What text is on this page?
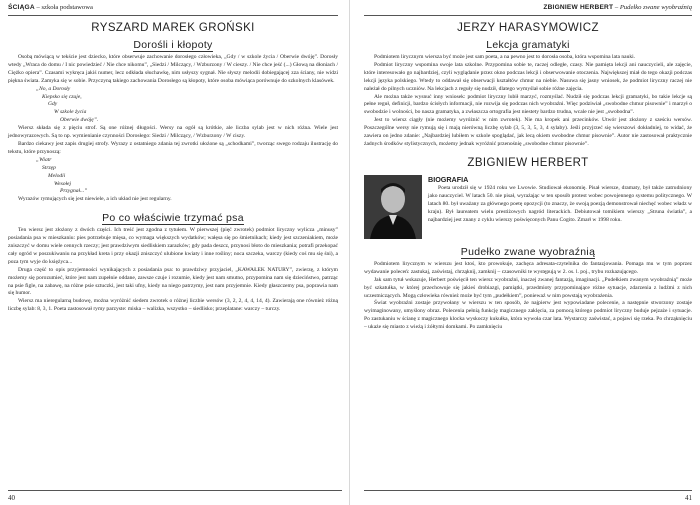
ŚCIĄGA – szkoła podstawowa
RYSZARD MAREK GROŃSKI
Dorośli i kłopoty

Osobą mówiącą w tekście jest dziecko, które obserwuje zachowanie dorosłego człowieka, „Gdy / w szkole życia / Oberwie dwóję”. Dorosły wtedy „Wraca do domu / I nic powiedzieć / Nie chce nikomu”, „Siedzi / Milczący, / Wzburzony / W cieszy. / Nie chce jeść (...) Głową na dłoniach / Ciężko opiera”. Czasami wykręca jakiś numer, lecz odkłada słuchawkę, nim usłyszy sygnał. Nie słyszy melodii dobiegającej zza ściany, nie widzi piękna świata. Zamyka się w sobie. Przyczyną takiego zachowania Dorosłego są kłopoty, które osoba mówiąca porównuje do szkolnych klasówek.

„No, a Dorosły
Kiepsko się czuje,
Gdy
W szkole życia
Oberwie dwóję”.

Wiersz składa się z pięciu strof. Są one różnej długości. Wersy na ogół są krótkie, ale liczba sylab jest w nich różna. Wiele jest jednowyrazowych. Są to np. wymienianie czynności Dorosłego: Siedzi / Milczący, / Wzburzony / W ciszy.

Bardzo ciekawy jest zapis drugiej strofy. Wyrazy z ostatniego zdania tej zwrotki ułożone są „schodkami”, tworząc swego rodzaju ilustrację do tekstu, które przynoszą:

„Wiatr
Strzęp
Melodii
Wesołej
Przygnał...”

Wyrazów rymujących się jest niewiele, a ich układ nie jest regularny.

Po co właściwie trzymać psa

Ten wiersz jest złożony z dwóch części. Ich treść jest zgodna z tytułem. W pierwszej (pięć zwrotek) podmiot liryczny wylicza „minusy” posiadania psa w mieszkaniu: pies potrzebuje mięsa, co wymaga większych wydatków; wałęsa się po śmietnikach; kiedy jest szczeniakiem, może zniszczyć w domu wiele cennych rzeczy; jest prawdziwym siedliskiem zarazków; gdy pada deszcz, przynosi błoto do mieszkania; potrafi przekopać cały ogród w poszukiwaniu na przykład kreta i przy okazji zniszczyć ulubione kwiaty i inne rośliny; noca szczeka, warczy (kiedy coś mu się śni), a poza tym wyje do księżyca...

Druga część to opis przyjemności wynikających z posiadania psa: to prawdziwy przyjaciel, „KAWAŁEK NATURY”, zwierzę, z którym możemy się porozumieć, które jest nam zupełnie oddane, zawsze czuje i rozumie, kiedy jest nam smutno, przypomina nam się dzieciństwo, patrząc na psie figle, na zabawę, na różne psie sztuczki, jest taki ufny, kiedy na niego patrzymy, jest nam przyjemnie. Kiedy głaszczemy psa, poprawia nam się humor.

Wiersz ma nieregularną budowę, można wyróżnić siedem zwrotek o różnej liczbie wersów (3, 2, 2, 4, 4, 14, 4). Zawierają one również różną liczbę sylab: 8, 3, 1. Poeta zastosował rymy parzyste: miska – walizka, wszystko – siedlisko; przeplatane: warczy – turczy.

40
ZBIGNIEW HERBERT – Pudełko zwane wyobraźnią
JERZY HARASYMOWICZ
Lekcja gramatyki

Podmiotem lirycznym wiersza być może jest sam poeta, a na pewno jest to dorosła osoba, która wspomina lata nauki.

Podmiot liryczny wspomina swoje lata szkolne. Przypomina sobie te, raczej odległe, czasy. Nie pamięta lekcji ani nauczycieli, ale zajęcie, które interesowało go najbardziej, czyli wyglądanie przez okno podczas lekcji i obserwowanie otoczenia. Największej miał do tego okazji podczas lekcji języka polskiego. Wtedy to oddawał się obserwacji kształtów chmur na niebie. Nasuwa się jasny wniosek, że podmiot liryczny raczej nie należał do pilnych uczniów. Na lekcjach z reguły się nudził, dlatego wymyślał sobie różne zajęcia.

Ale można także wysnuć inny wniosek: podmiot liryczny lubił marzyć, rozmyślać. Nudził się podczas lekcji gramatyki, bo takie lekcje są pełne reguł, definicji, bardzo ścisłych informacji, nie rozwija się podczas nich wyobraźni. Więc podziwiał „swobodne chmur pisownie” i marzył o swobodzie i wolności, bo nasza gramatyka, a zwłaszcza ortografia jest niestety bardzo trudna, wcale nie jest „swobodna”.

Jest to wiersz ciągły (nie możemy wyróżnić w nim zwrotek). Nie ma kropek ani przecinków. Utwór jest złożony z sześciu wersów. Poszczególne wersy nie rymują się i mają nierówną liczbę sylab (3, 5, 3, 5, 3, 4 sylaby). Jeśli przyjrzeć się wierszowi dokładniej, to widać, że zawiera on jedno zdanie: „Najbardziej lubiłem w szkole spoglądać, jak lecą okiem swobodne chmur pisownie”. Autor nie zastosował praktycznie żadnych środków stylistycznych, możemy jednak wyróżnić przenośnię „swobodne chmur pisownie”.

ZBIGNIEW HERBERT
BIOGRAFIA

Poeta urodził się w 1924 roku we Lwowie. Studiował ekonomię. Pisał wiersze, dramaty, był także zatrudniony jako nauczyciel. W latach 50. nie pisał, wyrażając w ten sposób protest wobec powojennego systemu politycznego. W latach 80. był uważany za głównego poetę opozycji (to znaczy, że swoją poezją demonstrował niechęć wobec władz w kraju). Był laureatem wielu prestiżowych nagród literackich. Debiutował tomikiem wierszy „Struna światła”, a najbardziej jest znany z cyklu wierszy poświęconych Panu Cogito. Zmarł w 1998 roku.

Pudełko zwane wyobraźnią

Podmiotem lirycznym w wierszu jest ktoś, kto prowokuje, zachęca adresata-czytelnika do fantazjowania. Pomaga mu w tym poprzez wydawanie poleceń: zastukaj, zaświstaj, chrząknij, zamknij – czasowniki te występują w 2. os. l. poj., trybu rozkazującego.

Jak sam tytuł wskazuje, Herbert poświęcił ten wiersz wyobraźni, inaczej zwanej fantazją, imaginacji. „Pudełkiem zwanym wyobraźnią” może być szkatułka, w której przechowuje się jakieś drobiazgi, pamiątki, przedmioty przypominające różne sytuacje, zdarzenia z ludźmi z nich uczestniczących. Mogą człowieka również może być tym „pudełkiem”, poniewaź w nim powstają wyobrażenia.

Świat wyobraźni zostaje przywołany w wierszu w ten sposób, że najpierw jest wypowiadane polecenie, a następnie stworzony zostaje wyimaginowany, umyślony obraz. Polecenia pełnią funkcję magicznego zaklęcia, za pomocą którego podmiot liryczny buduje pejzaże i sytuacje. Po zastukaniu w ścianę z magicznego klocka wyskoczy kukułka, która wywoła czar lata. Wystarczy zaświstać, a pojawi się rzeka. Po chrząknięciu – ukaże się miasto z wieżą i żółtymi domkami. Po zamknięciu

41
